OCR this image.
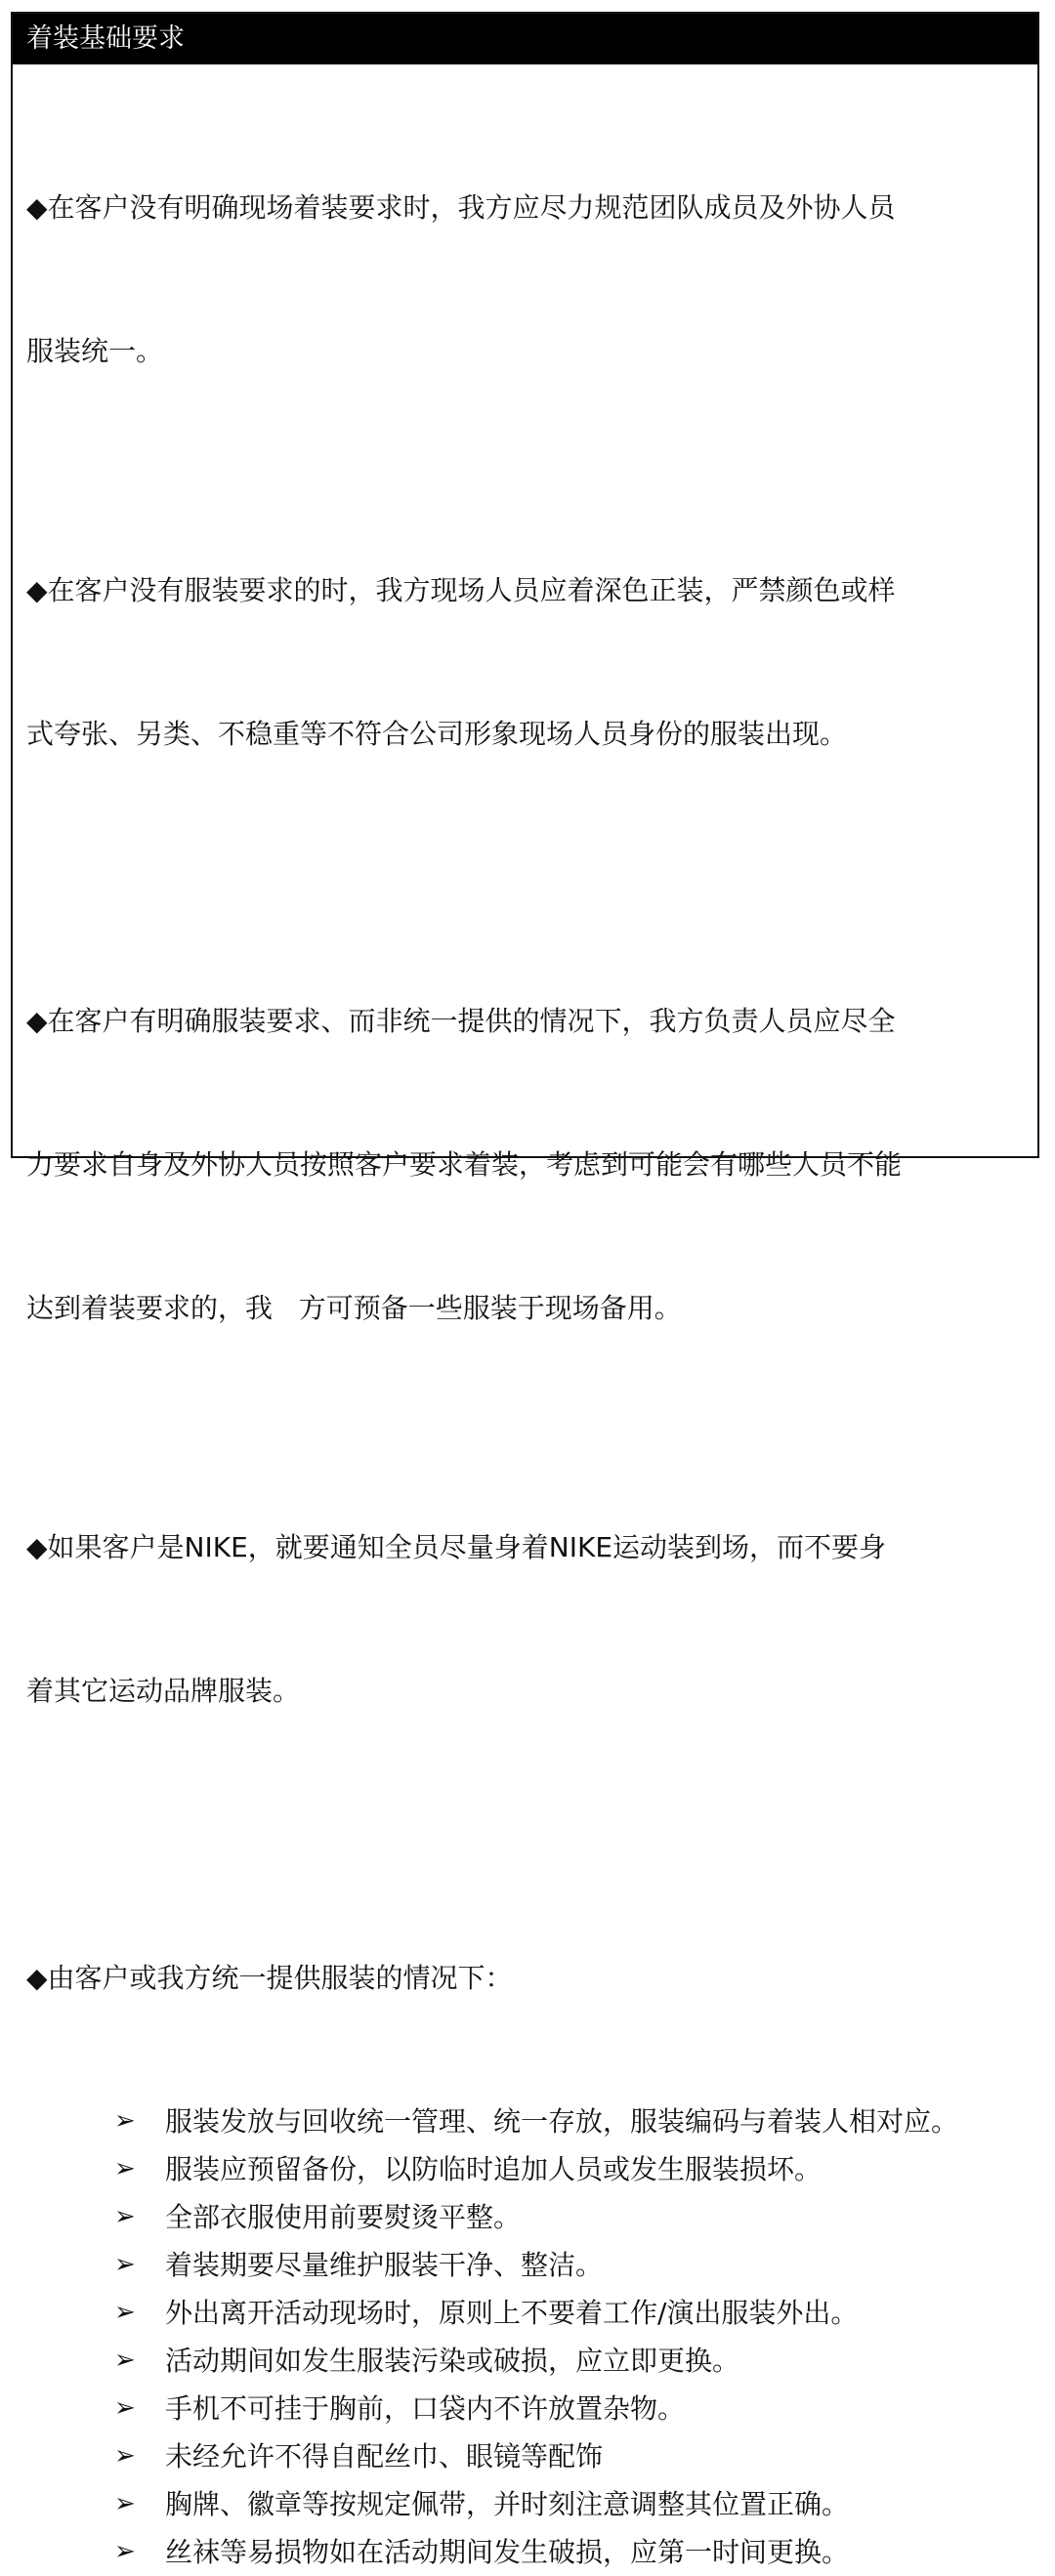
着装基础要求

◆在客户没有明确现场着装要求时，我方应尽力规范团队成员及外协人员

服装统一。

◆在客户没有服装要求的时，我方现场人员应着深色正装，严禁颜色或样

式夸张、另类、不稳重等不符合公司形象现场人员身份的服装出现。

◆在客户有明确服装要求、而非统一提供的情况下，我方负责人员应尽全

力要求自身及外协人员按照客户要求着装，考虑到可能会有哪些人员不能

达到着装要求的，我   方可预备一些服装于现场备用。

◆如果客户是NIKE，就要通知全员尽量身着NIKE运动装到场，而不要身

着其它运动品牌服装。

◆由客户或我方统一提供服装的情况下：

➢	服装发放与回收统一管理、统一存放，服装编码与着装人相对应。
➢	服装应预留备份，以防临时追加人员或发生服装损坏。
➢	全部衣服使用前要熨烫平整。
➢	着装期要尽量维护服装干净、整洁。
➢	外出离开活动现场时，原则上不要着工作/演出服装外出。
➢	活动期间如发生服装污染或破损，应立即更换。
➢	手机不可挂于胸前，口袋内不许放置杂物。
➢	未经允许不得自配丝巾、眼镜等配饰
➢	胸牌、徽章等按规定佩带，并时刻注意调整其位置正确。
➢	丝袜等易损物如在活动期间发生破损，应第一时间更换。
